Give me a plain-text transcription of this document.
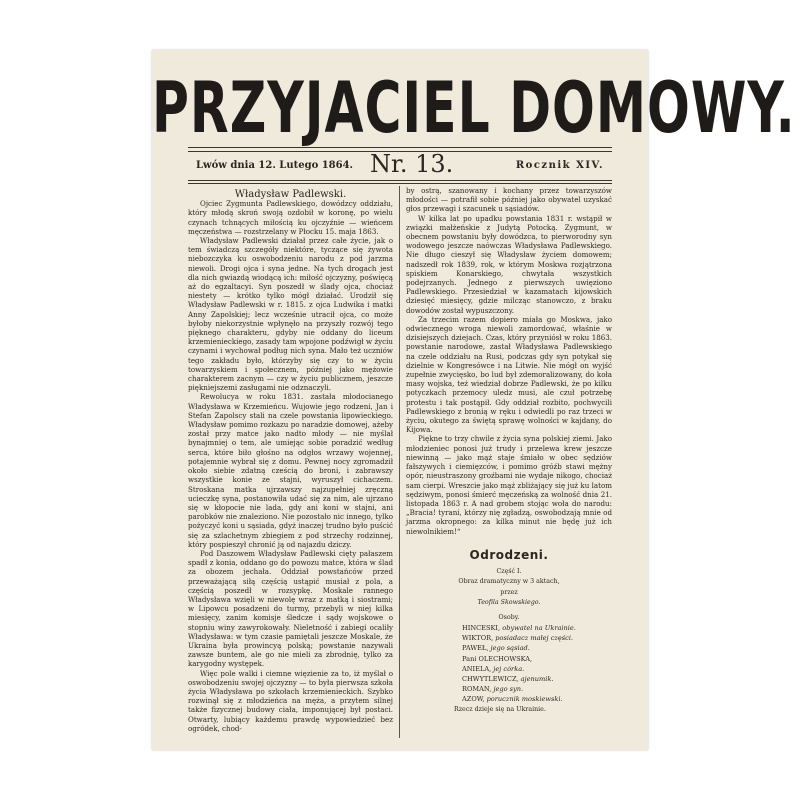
PRZYJACIEL DOMOWY.
Lwów dnia 12. Lutego 1864. Nr. 13.	Rocznik XIV.

Władysław Padlewski.

Ojciec Zygmunta Padlewskiego, dowódzcy oddziału, który młodą skroń swoją ozdobił w koronę, po wielu czynach tchnących miłością ku ojczyźnie — wieńcem męczeństwa — rozstrzelany w Płocku 15. maja 1863.

Władysław Padlewski działał przez całe życie, jak o tem świadczą szczegóły niektóre, tyczące się żywota niebozczyka ku oswobodzeniu narodu z pod jarzma niewoli. Drogi ojca i syna jedne. Na tych drogach jest dla nich gwiazdą wiodącą ich: miłość ojczyzny, poświęcą aż do egzaltacyi. Syn poszedł w ślady ojca, chociaż niestety — krótko tylko mógł działać. Urodził się Władysław Padlewski w r. 1815. z ojca Ludwika i matki Anny Zapolskiej; lecz wcześnie utracił ojca, co może byłoby niekorzystnie wpłynęło na przyszły rozwój tego pięknego charakteru, gdyby nie oddany do liceum krzemienieckiego, zasady tam wpojone podźwigł w życiu czynami i wychował podług nich syna. Mało też uczniów tego zakładu było, którzyby się czy to w życiu towarzyskiem i społecznem, później jako mężowie charakterem zacnym — czy w życiu publicznem, jeszcze piękniejszemi zasługami nie odznaczyli.

Rewolucya w roku 1831. zastała młodocianego Władysława w Krzemieńcu. Wujowie jego rodzeni, Jan i Stefan Zapolscy stali na czele powstania lipowieckiego. Władysław pomimo rozkazu po naradzie domowej, ażeby został przy matce jako nadto młody — nie myślał bynajmniej o tem, ale umiejąc sobie poradzić według serca, które biło głośno na odgłos wrzawy wojennej, potajemnie wybrał się z domu. Pewnej nocy zgromadził około siebie zdatną cześcią do broni, i zabrawszy wszystkie konie ze stajni, wyruszył cichaczem. Stroskana matka ujrzawszy najzupełniej zręczną ucieczkę syna, postanowiła udać się za nim, ale ujrzano się w kłopocie nie lada, gdy ani koni w stajni, ani parobków nie znaleziono. Nie pozostało nic innego, tylko pożyczyć koni u sąsiada, gdyż inaczej trudno było puścić się za szlachetnym zbiegiem z pod strzechy rodzinnej, który pospieszył chronić ją od najazdu dziczy.

Pod Daszowem Władysław Padlewski cięty pałaszem spadł z konia, oddano go do powozu matce, która w ślad za obozem jechała. Oddział powstańców przed przeważającą siłą częścią ustąpić musiał z pola, a częścią poszedł w rozsypkę. Moskale rannego Władysława wzięli w niewolę wraz z matką i siostrami; w Lipowcu posadzeni do turmy, przebyli w niej kilka miesięcy, zanim komisje śledcze i sądy wojskowe o stopniu winy zawyrokowały. Nieletność i zabiegi ocaliły Władysława: w tym czasie pamiętali jeszcze Moskale, że Ukraina była prowincyą polską; powstanie nazywali zawsze buntem, ale go nie mieli za zbrodnię, tylko za karygodny występek.

Więc pole walki i ciemne więzienie za to, iż myślał o oswobodzeniu swojej ojczyzny — to była pierwsza szkoła życia Władysława po szkołach krzemienieckich. Szybko rozwinął się z młodzieńca na męża, a przytem silnej także fizycznej budowy ciała, imponującej był postaci. Otwarty, lubiący każdemu prawdę wypowiedzieć bez ogródek, chod-

by ostrą, szanowany i kochany przez towarzyszów młodości — potrafił sobie później jako obywatel uzyskać głos przewagi i szacunek u sąsiadów.

W kilka lat po upadku powstania 1831 r. wstąpił w związki małżeńskie z Judytą Potocką. Zygmunt, w obecnem powstaniu były dowódzca, to pierworodny syn wodowego jeszcze naówczas Władysława Padlewskiego. Nie długo cieszył się Władysław życiem domowem; nadszedł rok 1839, rok, w którym Moskwa rozjątrzona spiskiem Konarskiego, chwytała wszystkich podejrzanych. Jednego z pierwszych uwięziono Padlewskiego. Przesiedział w kazamatach kijowskich dziesięć miesięcy, gdzie milcząc stanowczo, z braku dowodów został wypuszczony.

Za trzecim razem dopiero miała go Moskwa, jako odwiecznego wroga niewoli zamordować, właśnie w dzisiejszych dziejach. Czas, który przyniósł w roku 1863. powstanie narodowe, zastał Władysława Padlewskiego na czele oddziału na Rusi, podczas gdy syn potykał się dzielnie w Kongresówce i na Litwie. Nie mógł on wyjść zupełnie zwycięsko, bo lud był zdemoralizowany, do koła masy wojska, też wiedział dobrze Padlewski, że po kilku potyczkach przemocy uledz musi, ale czuł potrzebę protestu i tak postąpił. Gdy oddział rozbito, pochwycili Padlewskiego z bronią w ręku i odwiedli po raz trzeci w życiu, okutego za świętą sprawę wolności w kajdany, do Kijowa.

Piękne to trzy chwile z życia syna polskiej ziemi. Jako młodzieniec ponosi już trudy i przelewa krew jeszcze niewinną — jako mąż staje śmiało w obec sędziów fałszywych i ciemięzców, i pomimo gróźb stawi mężny opór, nieustraszony groźbami nie wydaje nikogo, chociaż sam cierpi. Wreszcie jako mąż zbliżający się już ku latom sędziwym, ponosi śmierć męczeńską za wolność dnia 21. listopada 1863 r. A nad grobem stojąc woła do narodu: „Bracia! tyrani, którzy nię zgładzą, oswobodzają mnie od jarzma okropnego: za kilka minut nie będę już ich niewolnikiem!“

Odrodzeni.
Część I.
Obraz dramatyczny w 3 aktach,
przez
Teofila Skowskiego.
Osoby.
HINCESKI, obywatel na Ukrainie.
WIKTOR, posiadacz małej części.
PAWEŁ, jego sąsiad.
Pani OLECHOWSKA,
ANIELA, jej córka.
CHWYTLEWICZ, ajenumik.
ROMAN, jego syn.
AZOW, porucznik moskiewski.
Rzecz dzieje się na Ukrainie.
